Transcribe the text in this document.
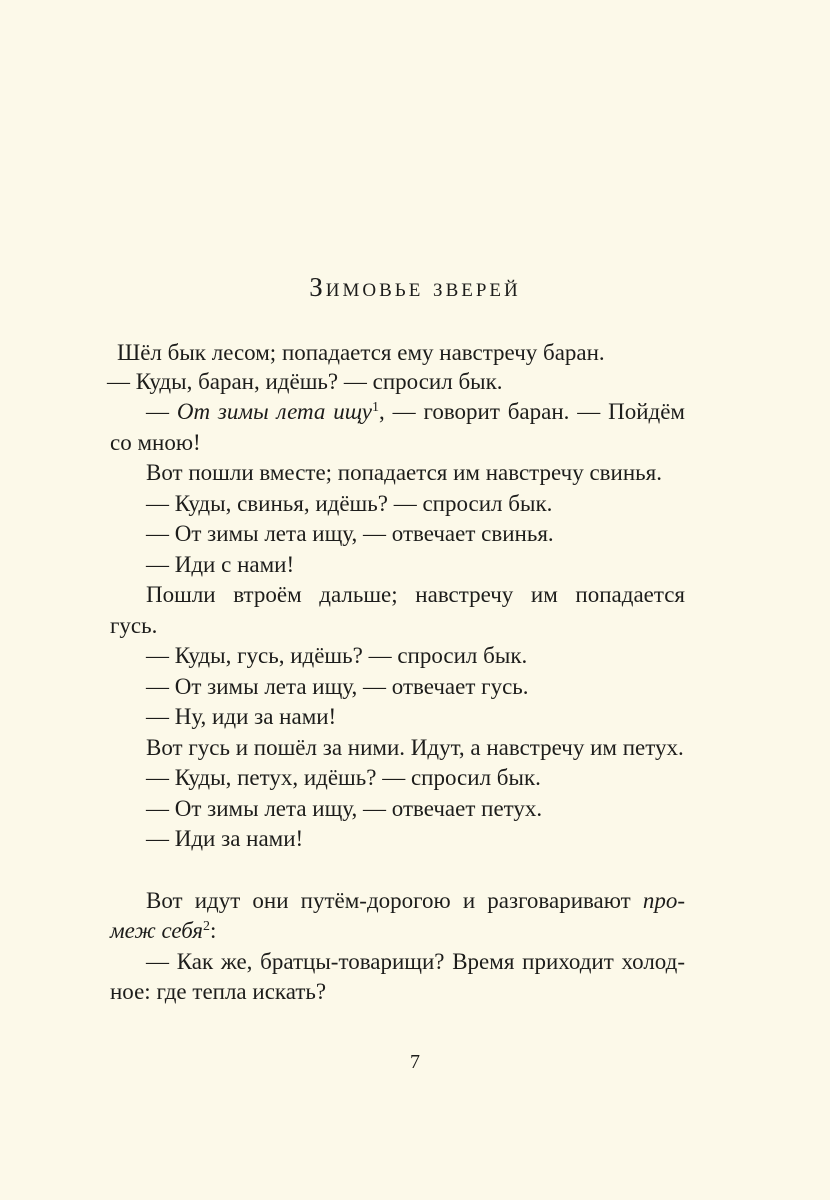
Зимовье зверей
Шёл бык лесом; попадается ему навстречу баран.
— Куды, баран, идёшь? — спросил бык.
— От зимы лета ищу$^1$, — говорит баран. — Пойдём
со мною!
Вот пошли вместе; попадается им навстречу свинья.
— Куды, свинья, идёшь? — спросил бык.
— От зимы лета ищу, — отвечает свинья.
— Иди с нами!
Пошли втроём дальше; навстречу им попадается
гусь.
— Куды, гусь, идёшь? — спросил бык.
— От зимы лета ищу, — отвечает гусь.
— Ну, иди за нами!
Вот гусь и пошёл за ними. Идут, а навстречу им петух.
— Куды, петух, идёшь? — спросил бык.
— От зимы лета ищу, — отвечает петух.
— Иди за нами!
Вот идут они путём-дорогою и разговаривают про-
меж себя$^2$:
— Как же, братцы-товарищи? Время приходит холод-
ное: где тепла искать?
7
